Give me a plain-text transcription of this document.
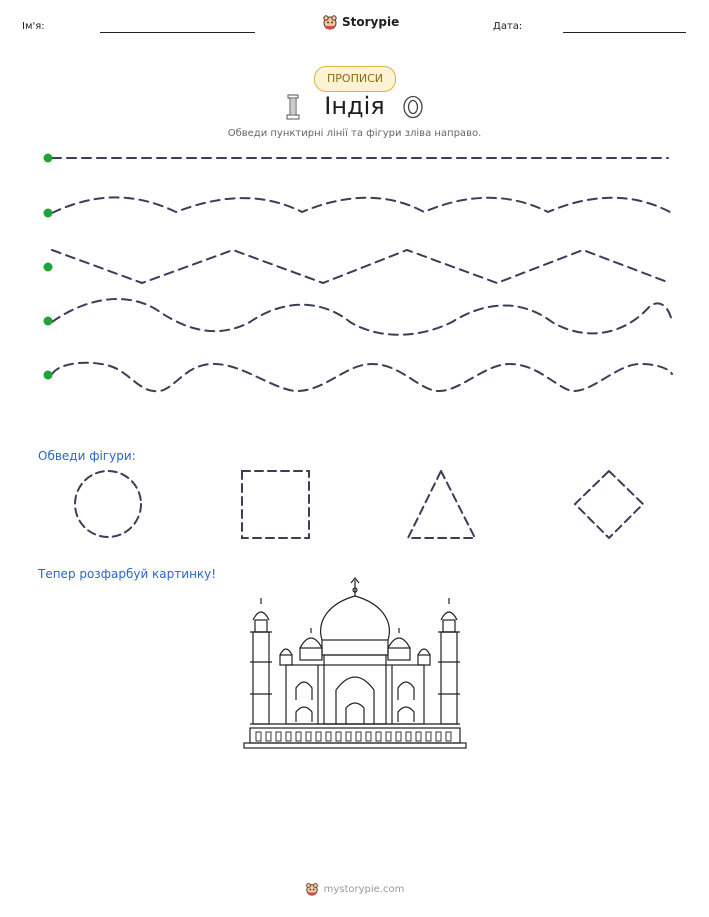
Ім'я:	Storypie	Дата:
ПРОПИСИ
Індія
Обведи пунктирні лінії та фігури зліва направо.
Обведи фігури:
Тепер розфарбуй картинку!
mystorypie.com
